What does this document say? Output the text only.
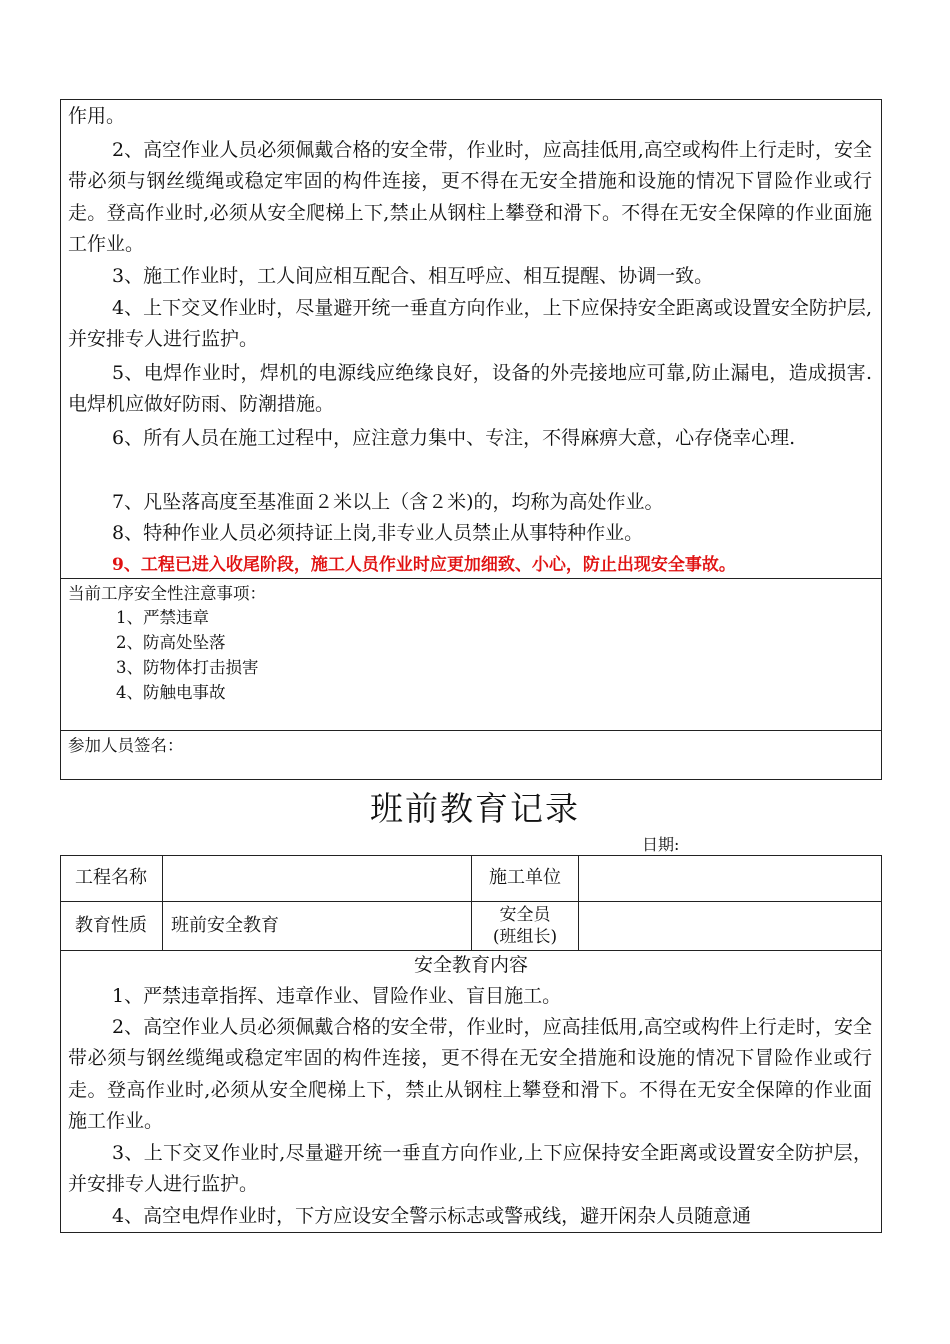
作用。

2、高空作业人员必须佩戴合格的安全带，作业时，应高挂低用,高空或构件上行走时，安全带必须与钢丝缆绳或稳定牢固的构件连接，更不得在无安全措施和设施的情况下冒险作业或行走。登高作业时,必须从安全爬梯上下,禁止从钢柱上攀登和滑下。不得在无安全保障的作业面施工作业。

3、施工作业时，工人间应相互配合、相互呼应、相互提醒、协调一致。

4、上下交叉作业时，尽量避开统一垂直方向作业，上下应保持安全距离或设置安全防护层,并安排专人进行监护。

5、电焊作业时，焊机的电源线应绝缘良好，设备的外壳接地应可靠,防止漏电，造成损害.电焊机应做好防雨、防潮措施。

6、所有人员在施工过程中，应注意力集中、专注，不得麻痹大意，心存侥幸心理.

7、凡坠落高度至基准面２米以上（含２米)的，均称为高处作业。

8、特种作业人员必须持证上岗,非专业人员禁止从事特种作业。

9、工程已进入收尾阶段，施工人员作业时应更加细致、小心，防止出现安全事故。

当前工序安全性注意事项：

1、严禁违章

2、防高处坠落

3、防物体打击损害

4、防触电事故

参加人员签名：

班前教育记录
日期:
工程名称	施工单位
教育性质	班前安全教育	安全员
(班组长)
安全教育内容

1、严禁违章指挥、违章作业、冒险作业、盲目施工。

2、高空作业人员必须佩戴合格的安全带，作业时，应高挂低用,高空或构件上行走时，安全带必须与钢丝缆绳或稳定牢固的构件连接，更不得在无安全措施和设施的情况下冒险作业或行走。登高作业时,必须从安全爬梯上下，禁止从钢柱上攀登和滑下。不得在无安全保障的作业面施工作业。

3、上下交叉作业时,尽量避开统一垂直方向作业,上下应保持安全距离或设置安全防护层，并安排专人进行监护。

4、高空电焊作业时，下方应设安全警示标志或警戒线，避开闲杂人员随意通
